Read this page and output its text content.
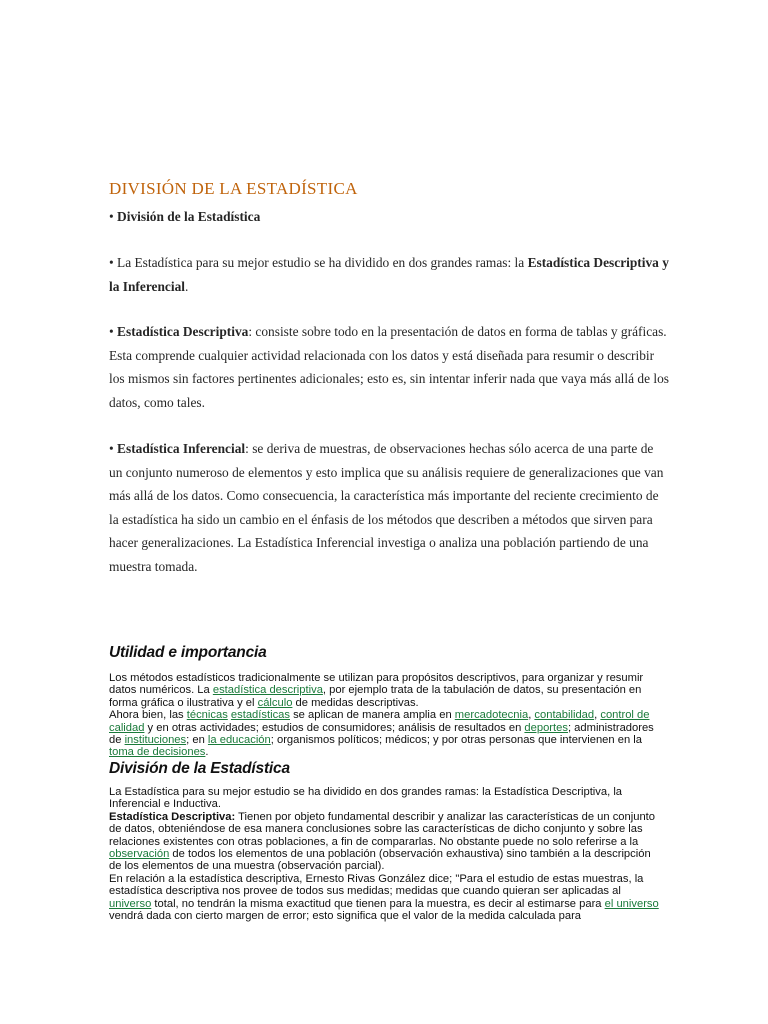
DIVISIÓN DE LA ESTADÍSTICA

• División de la Estadística

• La Estadística para su mejor estudio se ha dividido en dos grandes ramas: la Estadística Descriptiva y la Inferencial.

• Estadística Descriptiva: consiste sobre todo en la presentación de datos en forma de tablas y gráficas. Esta comprende cualquier actividad relacionada con los datos y está diseñada para resumir o describir los mismos sin factores pertinentes adicionales; esto es, sin intentar inferir nada que vaya más allá de los datos, como tales.

• Estadística Inferencial: se deriva de muestras, de observaciones hechas sólo acerca de una parte de un conjunto numeroso de elementos y esto implica que su análisis requiere de generalizaciones que van más allá de los datos. Como consecuencia, la característica más importante del reciente crecimiento de la estadística ha sido un cambio en el énfasis de los métodos que describen a métodos que sirven para hacer generalizaciones. La Estadística Inferencial investiga o analiza una población partiendo de una muestra tomada.

Utilidad e importancia

Los métodos estadísticos tradicionalmente se utilizan para propósitos descriptivos, para organizar y resumir datos numéricos. La estadística descriptiva, por ejemplo trata de la tabulación de datos, su presentación en forma gráfica o ilustrativa y el cálculo de medidas descriptivas.
Ahora bien, las técnicas estadísticas se aplican de manera amplia en mercadotecnia, contabilidad, control de calidad y en otras actividades; estudios de consumidores; análisis de resultados en deportes; administradores de instituciones; en la educación; organismos políticos; médicos; y por otras personas que intervienen en la toma de decisiones.

División de la Estadística

La Estadística para su mejor estudio se ha dividido en dos grandes ramas: la Estadística Descriptiva, la Inferencial e Inductiva.
Estadística Descriptiva: Tienen por objeto fundamental describir y analizar las características de un conjunto de datos, obteniéndose de esa manera conclusiones sobre las características de dicho conjunto y sobre las relaciones existentes con otras poblaciones, a fin de compararlas. No obstante puede no solo referirse a la observación de todos los elementos de una población (observación exhaustiva) sino también a la descripción de los elementos de una muestra (observación parcial).
En relación a la estadística descriptiva, Ernesto Rivas González dice; "Para el estudio de estas muestras, la estadística descriptiva nos provee de todos sus medidas; medidas que cuando quieran ser aplicadas al universo total, no tendrán la misma exactitud que tienen para la muestra, es decir al estimarse para el universo vendrá dada con cierto margen de error; esto significa que el valor de la medida calculada para
